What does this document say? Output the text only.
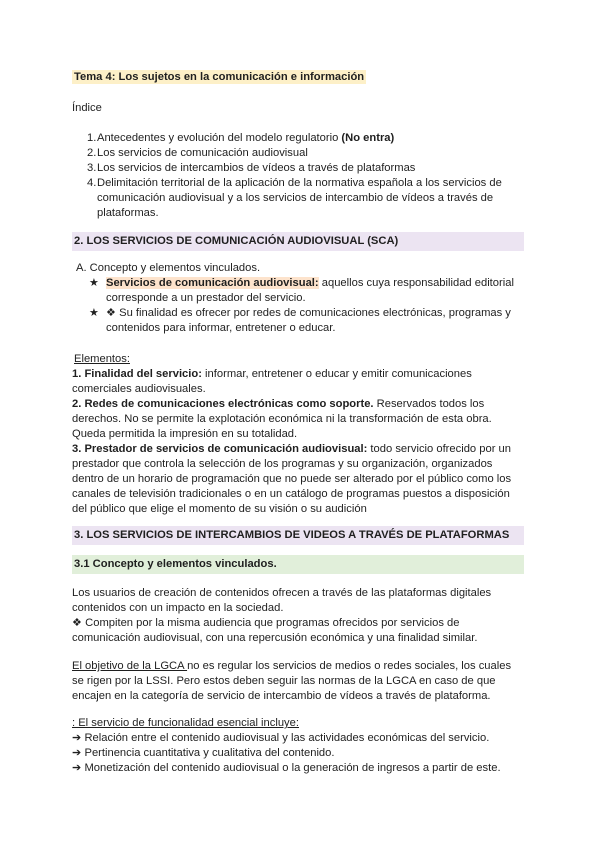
Tema 4: Los sujetos en la comunicación e información
Índice
1. Antecedentes y evolución del modelo regulatorio (No entra)
2. Los servicios de comunicación audiovisual
3. Los servicios de intercambios de vídeos a través de plataformas
4. Delimitación territorial de la aplicación de la normativa española a los servicios de comunicación audiovisual y a los servicios de intercambio de vídeos a través de plataformas.
2. LOS SERVICIOS DE COMUNICACIÓN AUDIOVISUAL (SCA)
A. Concepto y elementos vinculados.
★ Servicios de comunicación audiovisual: aquellos cuya responsabilidad editorial corresponde a un prestador del servicio.
★ ❖ Su finalidad es ofrecer por redes de comunicaciones electrónicas, programas y contenidos para informar, entretener o educar.
Elementos:
1. Finalidad del servicio: informar, entretener o educar y emitir comunicaciones comerciales audiovisuales.
2. Redes de comunicaciones electrónicas como soporte. Reservados todos los derechos. No se permite la explotación económica ni la transformación de esta obra. Queda permitida la impresión en su totalidad.
3. Prestador de servicios de comunicación audiovisual: todo servicio ofrecido por un prestador que controla la selección de los programas y su organización, organizados dentro de un horario de programación que no puede ser alterado por el público como los canales de televisión tradicionales o en un catálogo de programas puestos a disposición del público que elige el momento de su visión o su audición
3. LOS SERVICIOS DE INTERCAMBIOS DE VIDEOS A TRAVÉS DE PLATAFORMAS
3.1 Concepto y elementos vinculados.
Los usuarios de creación de contenidos ofrecen a través de las plataformas digitales contenidos con un impacto en la sociedad.
❖ Compiten por la misma audiencia que programas ofrecidos por servicios de comunicación audiovisual, con una repercusión económica y una finalidad similar.
El objetivo de la LGCA no es regular los servicios de medios o redes sociales, los cuales se rigen por la LSSI. Pero estos deben seguir las normas de la LGCA en caso de que encajen en la categoría de servicio de intercambio de vídeos a través de plataforma.
: El servicio de funcionalidad esencial incluye:
➔ Relación entre el contenido audiovisual y las actividades económicas del servicio.
➔ Pertinencia cuantitativa y cualitativa del contenido.
➔ Monetización del contenido audiovisual o la generación de ingresos a partir de este.
